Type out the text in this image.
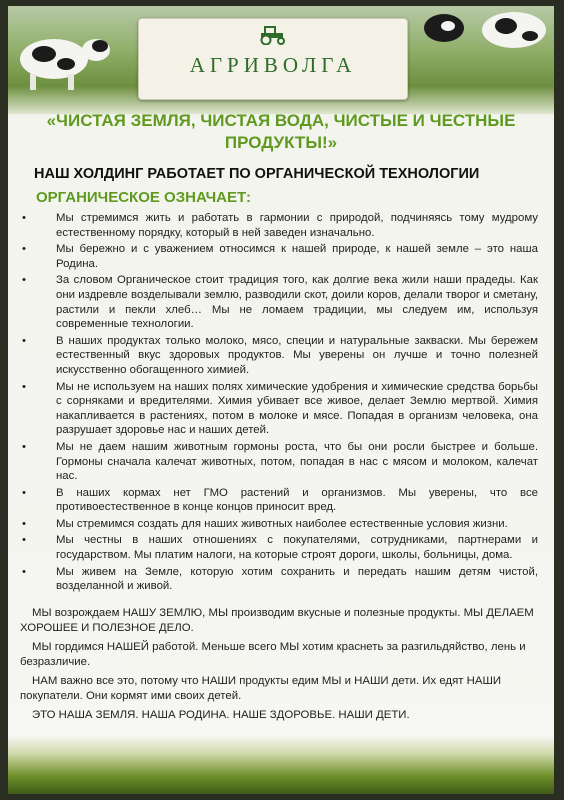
АГРИВОЛГА
«ЧИСТАЯ ЗЕМЛЯ, ЧИСТАЯ ВОДА, ЧИСТЫЕ И ЧЕСТНЫЕ ПРОДУКТЫ!»
НАШ ХОЛДИНГ РАБОТАЕТ ПО ОРГАНИЧЕСКОЙ ТЕХНОЛОГИИ
ОРГАНИЧЕСКОЕ ОЗНАЧАЕТ:
•	Мы стремимся жить и работать в гармонии с природой, подчиняясь тому мудрому естественному порядку, который в ней заведен изначально.
•	Мы бережно и с уважением относимся к нашей природе, к нашей земле – это наша Родина.
•	За словом Органическое стоит традиция того, как долгие века жили наши прадеды. Как они издревле возделывали землю, разводили скот, доили коров, делали творог и сметану, растили и пекли хлеб… Мы не ломаем традиции, мы следуем им, используя современные технологии.
•	В наших продуктах только молоко, мясо, специи и натуральные закваски. Мы бережем естественный вкус здоровых продуктов. Мы уверены он лучше и точно полезней искусственно обогащенного химией.
•	Мы не используем на наших полях химические удобрения и химические средства борьбы с сорняками и вредителями. Химия убивает все живое, делает Землю мертвой. Химия накапливается в растениях, потом в молоке и мясе. Попадая в организм человека, она разрушает здоровье нас и наших детей.
•	Мы не даем нашим животным гормоны роста, что бы они росли быстрее и больше. Гормоны сначала калечат животных, потом, попадая в нас с мясом и молоком, калечат нас.
•	В наших кормах нет ГМО растений и организмов. Мы уверены, что все противоестественное в конце концов приносит вред.
•	Мы стремимся создать для наших животных наиболее естественные условия жизни.
•	Мы честны в наших отношениях с покупателями, сотрудниками, партнерами и государством. Мы платим налоги, на которые строят дороги, школы, больницы, дома.
•	Мы живем на Земле, которую хотим сохранить и передать нашим детям чистой, возделанной и живой.

МЫ возрождаем НАШУ ЗЕМЛЮ, МЫ производим вкусные и полезные продукты. МЫ ДЕЛАЕМ ХОРОШЕЕ И ПОЛЕЗНОЕ ДЕЛО.

МЫ гордимся НАШЕЙ работой. Меньше всего МЫ хотим краснеть за разгильдяйство, лень и безразличие.

НАМ важно все это, потому что НАШИ продукты едим МЫ и НАШИ дети. Их едят НАШИ покупатели. Они кормят ими своих детей.

ЭТО НАША ЗЕМЛЯ. НАША РОДИНА. НАШЕ ЗДОРОВЬЕ. НАШИ ДЕТИ.
